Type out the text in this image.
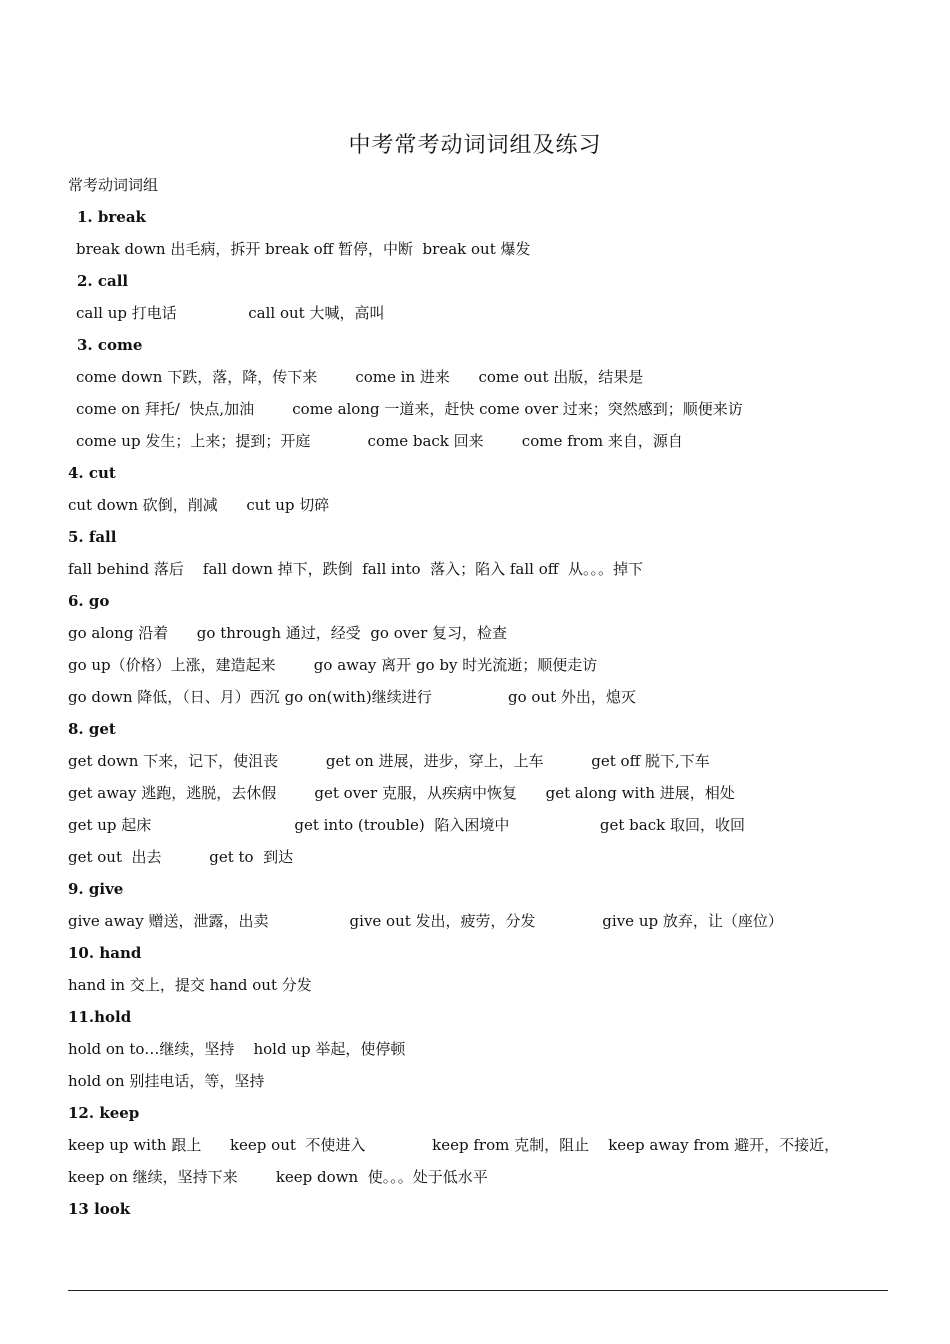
中考常考动词词组及练习
常考动词词组
1. break
break down 出毛病，拆开 break off 暂停，中断  break out 爆发
2. call
call up 打电话               call out 大喊，高叫
3. come
come down 下跌，落，降，传下来        come in 进来      come out 出版，结果是
come on 拜托/  快点,加油        come along 一道来，赶快 come over 过来；突然感到；顺便来访
come up 发生；上来；提到；开庭            come back 回来        come from 来自，源自
4. cut
cut down 砍倒，削减      cut up 切碎
5. fall
fall behind 落后    fall down 掉下，跌倒  fall into  落入；陷入 fall off  从。。。掉下
6. go
go along 沿着      go through 通过，经受  go over 复习，检查
go up（价格）上涨，建造起来        go away 离开 go by 时光流逝；顺便走访
go down 降低，（日、月）西沉 go on(with)继续进行                go out 外出，熄灭
8. get
get down 下来，记下，使沮丧          get on 进展，进步，穿上，上车          get off 脱下,下车
get away 逃跑，逃脱，去休假        get over 克服，从疾病中恢复      get along with 进展，相处
get up 起床                              get into (trouble)  陷入困境中                   get back 取回，收回
get out  出去          get to  到达
9. give
give away 赠送，泄露，出卖                 give out 发出，疲劳，分发              give up 放弃，让（座位）
10. hand
hand in 交上，提交 hand out 分发
11.hold
hold on to…继续，坚持    hold up 举起，使停顿
hold on 别挂电话，等，坚持
12. keep
keep up with 跟上      keep out  不使进入              keep from 克制，阻止    keep away from 避开，不接近，
keep on 继续，坚持下来        keep down  使。。。处于低水平
13 look
